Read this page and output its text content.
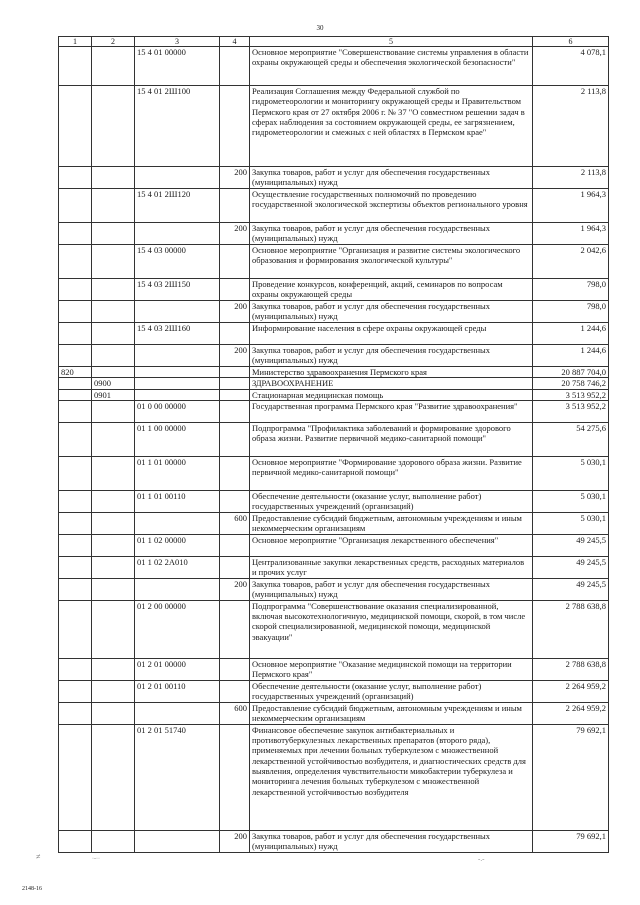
30
1	2	3	4	5	6
		15 4 01 00000		Основное мероприятие "Совершенствование системы управления в области охраны окружающей среды и обеспечения экологической безопасности"	4 078,1
		15 4 01 2Ш100		Реализация Соглашения между Федеральной службой по гидрометеорологии и мониторингу окружающей среды и Правительством Пермского края от 27 октября 2006 г. № 37 "О совместном решении задач в сферах наблюдения за состоянием окружающей среды, ее загрязнением, гидрометеорологии и смежных с ней областях в Пермском крае"	2 113,8
			200	Закупка товаров, работ и услуг для обеспечения государственных (муниципальных) нужд	2 113,8
		15 4 01 2Ш120		Осуществление государственных полномочий по проведению государственной экологической экспертизы объектов регионального уровня	1 964,3
			200	Закупка товаров, работ и услуг для обеспечения государственных (муниципальных) нужд	1 964,3
		15 4 03 00000		Основное мероприятие "Организация и развитие системы экологического образования и формирования экологической культуры"	2 042,6
		15 4 03 2Ш150		Проведение конкурсов, конференций, акций, семинаров по вопросам охраны окружающей среды	798,0
			200	Закупка товаров, работ и услуг для обеспечения государственных (муниципальных) нужд	798,0
		15 4 03 2Ш160		Информирование населения в сфере охраны окружающей среды	1 244,6
			200	Закупка товаров, работ и услуг для обеспечения государственных (муниципальных) нужд	1 244,6
820				Министерство здравоохранения Пермского края	20 887 704,0
	0900			ЗДРАВООХРАНЕНИЕ	20 758 746,2
	0901			Стационарная медицинская помощь	3 513 952,2
		01 0 00 00000		Государственная программа Пермского края "Развитие здравоохранения"	3 513 952,2
		01 1 00 00000		Подпрограмма "Профилактика заболеваний и формирование здорового образа жизни. Развитие первичной медико-санитарной помощи"	54 275,6
		01 1 01 00000		Основное мероприятие "Формирование здорового образа жизни. Развитие первичной медико-санитарной помощи"	5 030,1
		01 1 01 00110		Обеспечение деятельности (оказание услуг, выполнение работ) государственных учреждений (организаций)	5 030,1
			600	Предоставление субсидий бюджетным, автономным учреждениям и иным некоммерческим организациям	5 030,1
		01 1 02 00000		Основное мероприятие "Организация лекарственного обеспечения"	49 245,5
		01 1 02 2А010		Централизованные закупки лекарственных средств, расходных материалов и прочих услуг	49 245,5
			200	Закупка товаров, работ и услуг для обеспечения государственных (муниципальных) нужд	49 245,5
		01 2 00 00000		Подпрограмма "Совершенствование оказания специализированной, включая высокотехнологичную, медицинской помощи, скорой, в том числе скорой специализированной, медицинской помощи, медицинской эвакуации"	2 788 638,8
		01 2 01 00000		Основное мероприятие "Оказание медицинской помощи на территории Пермского края"	2 788 638,8
		01 2 01 00110		Обеспечение деятельности (оказание услуг, выполнение работ) государственных учреждений (организаций)	2 264 959,2
			600	Предоставление субсидий бюджетным, автономным учреждениям и иным некоммерческим организациям	2 264 959,2
		01 2 01 51740		Финансовое обеспечение закупок антибактериальных и противотуберкулезных лекарственных препаратов (второго ряда), применяемых при лечении больных туберкулезом с множественной лекарственной устойчивостью возбудителя, и диагностических средств для выявления, определения чувствительности микобактерии туберкулеза и мониторинга лечения больных туберкулезом с множественной лекарственной устойчивостью возбудителя	79 692,1
			200	Закупка товаров, работ и услуг для обеспечения государственных (муниципальных) нужд	79 692,1
≠	·-··	-.-
2148-16
